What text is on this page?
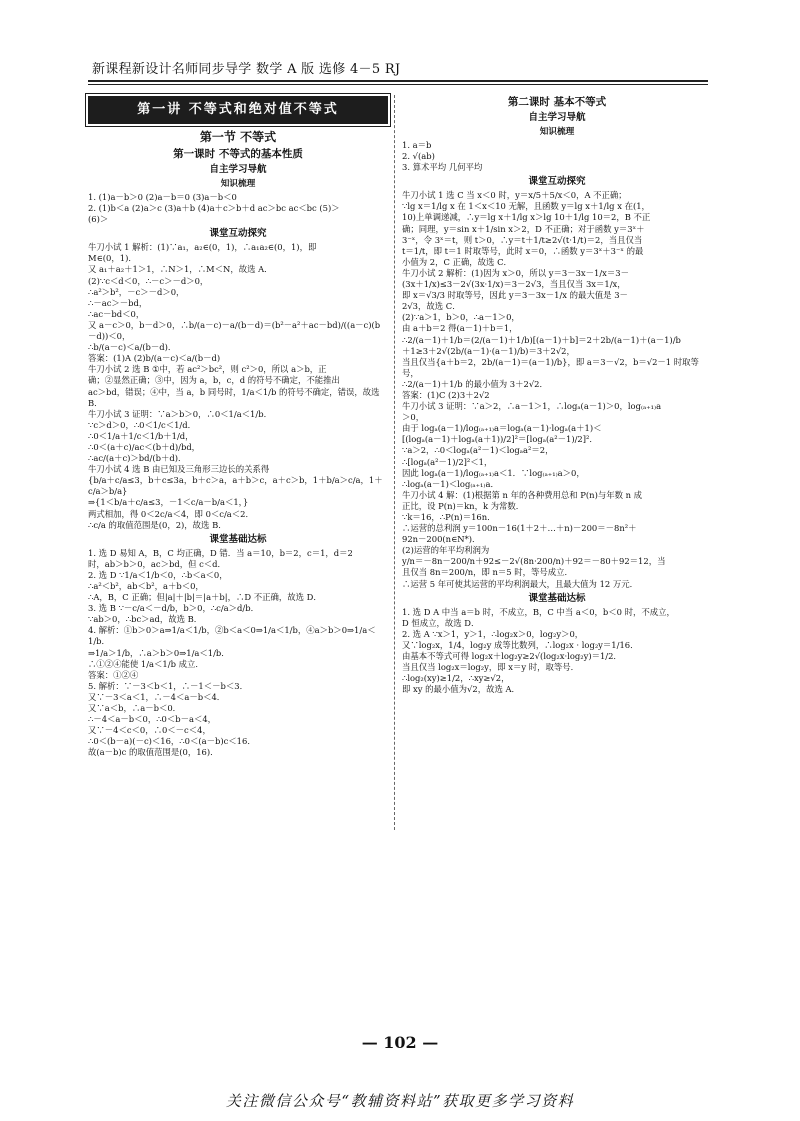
新课程新设计名师同步导学 数学 A 版 选修 4－5 RJ
第一讲 不等式和绝对值不等式
第一节 不等式
第一课时 不等式的基本性质
自主学习导航
知识梳理
1. (1)a－b＞0 (2)a－b＝0 (3)a－b＜0
2. (1)b＜a (2)a＞c (3)a＋b (4)a＋c＞b＋d ac＞bc ac＜bc (5)＞
(6)＞
课堂互动探究
牛刀小试 1 解析：(1)∵a₁，a₂∈(0，1)，∴a₁a₂∈(0，1)，即
M∈(0，1)．
又 a₁＋a₂＋1＞1，∴N＞1，∴M＜N，故选 A．
(2)∵c＜d＜0，∴－c＞－d＞0，
∴a²＞b²，－c＞－d＞0，
∴－ac＞－bd，
∴ac－bd＜0，
又 a－c＞0，b－d＞0，∴b/(a－c)－a/(b－d)＝(b²－a²＋ac－bd)/((a－c)(b－d))＜0，
∴b/(a－c)＜a/(b－d)．
答案：(1)A (2)b/(a－c)＜a/(b－d)
牛刀小试 2 选 B ①中，若 ac²＞bc²，则 c²＞0，所以 a＞b，正
确；②显然正确；③中，因为 a，b，c，d 的符号不确定，不能推出
ac＞bd，错误；④中，当 a，b 同号时，1/a＜1/b 的符号不确定，错误，故选 B．
牛刀小试 3 证明：∵a＞b＞0，∴0＜1/a＜1/b．
∵c＞d＞0，∴0＜1/c＜1/d．
∴0＜1/a＋1/c＜1/b＋1/d，
∴0＜(a＋c)/ac＜(b＋d)/bd，
∴ac/(a＋c)＞bd/(b＋d)．
牛刀小试 4 选 B 由已知及三角形三边长的关系得
{b/a＋c/a≤3，b＋c≤3a，b＋c＞a，a＋b＞c，a＋c＞b，1＋b/a＞c/a，1＋c/a＞b/a}
⇒{1＜b/a＋c/a≤3，－1＜c/a－b/a＜1，}
两式相加，得 0＜2c/a＜4，即 0＜c/a＜2．
∴c/a 的取值范围是(0，2)，故选 B．
课堂基础达标
1. 选 D 易知 A，B，C 均正确，D 错．当 a＝10，b＝2，c＝1，d＝2
时，ab＞b＞0，ac＞bd，但 c＜d．
2. 选 D ∵1/a＜1/b＜0，∴b＜a＜0，
∴a²＜b²，ab＜b²，a＋b＜0，
∴A，B，C 正确；但|a|＋|b|＝|a＋b|，∴D 不正确，故选 D．
3. 选 B ∵－c/a＜－d/b，b＞0，∴c/a＞d/b．
∵ab＞0，∴bc＞ad，故选 B．
4. 解析：①b＞0＞a⇒1/a＜1/b，②b＜a＜0⇒1/a＜1/b，④a＞b＞0⇒1/a＜1/b．
⇒1/a＞1/b，∴a＞b＞0⇒1/a＜1/b．
∴①②④能使 1/a＜1/b 成立．
答案：①②④
5. 解析：∵－3＜b＜1，∴－1＜－b＜3．
又∵－3＜a＜1，∴－4＜a－b＜4．
又∵a＜b，∴a－b＜0．
∴－4＜a－b＜0，∴0＜b－a＜4，
又∵－4＜c＜0，∴0＜－c＜4，
∴0＜(b－a)(－c)＜16，∴0＜(a－b)c＜16．
故(a－b)c 的取值范围是(0，16)．
第二课时 基本不等式
自主学习导航
知识梳理
1. a＝b
2. √(ab)
3. 算术平均 几何平均
课堂互动探究
牛刀小试 1 选 C 当 x＜0 时，y＝x/5＋5/x＜0，A 不正确；
∵lg x＝1/lg x 在 1＜x＜10 无解，且函数 y＝lg x＋1/lg x 在(1，
10)上单调递减，∴y＝lg x＋1/lg x＞lg 10＋1/lg 10＝2，B 不正
确；同理，y＝sin x＋1/sin x＞2，D 不正确；对于函数 y＝3ˣ＋
3⁻ˣ，令 3ˣ＝t，则 t＞0，∴y＝t＋1/t≥2√(t·1/t)＝2，当且仅当
t＝1/t，即 t＝1 时取等号，此时 x＝0，∴函数 y＝3ˣ＋3⁻ˣ 的最
小值为 2，C 正确，故选 C．
牛刀小试 2 解析：(1)因为 x＞0，所以 y＝3－3x－1/x＝3－
(3x＋1/x)≤3－2√(3x·1/x)＝3－2√3，当且仅当 3x＝1/x，
即 x＝√3/3 时取等号，因此 y＝3－3x－1/x 的最大值是 3－
2√3，故选 C．
(2)∵a＞1，b＞0，∴a－1＞0，
由 a＋b＝2 得(a－1)＋b＝1，
∴2/(a－1)＋1/b＝(2/(a－1)＋1/b)[(a－1)＋b]＝2＋2b/(a－1)＋(a－1)/b
＋1≥3＋2√(2b/(a－1)·(a－1)/b)＝3＋2√2，
当且仅当{a＋b＝2，2b/(a－1)＝(a－1)/b}，即 a＝3－√2，b＝√2－1 时取等号，
∴2/(a－1)＋1/b 的最小值为 3＋2√2．
答案：(1)C (2)3＋2√2
牛刀小试 3 证明：∵a＞2，∴a－1＞1，∴logₐ(a－1)＞0，log₍ₐ₊₁₎a
＞0，
由于 logₐ(a－1)/log₍ₐ₊₁₎a＝logₐ(a－1)·logₐ(a＋1)＜
[(logₐ(a－1)＋logₐ(a＋1))/2]²＝[logₐ(a²－1)/2]²．
∵a＞2，∴0＜logₐ(a²－1)＜logₐa²＝2，
∴[logₐ(a²－1)/2]²＜1，
因此 logₐ(a－1)/log₍ₐ₊₁₎a＜1．∵log₍ₐ₊₁₎a＞0，
∴logₐ(a－1)＜log₍ₐ₊₁₎a．
牛刀小试 4 解：(1)根据第 n 年的各种费用总和 P(n)与年数 n 成
正比，设 P(n)＝kn，k 为常数．
∵k＝16，∴P(n)＝16n．
∴运营的总利润 y＝100n－16(1＋2＋…＋n)－200＝－8n²＋
92n－200(n∈N*)．
(2)运营的年平均利润为
y/n＝－8n－200/n＋92≤－2√(8n·200/n)＋92＝－80＋92＝12，当
且仅当 8n＝200/n，即 n＝5 时，等号成立．
∴运营 5 年可使其运营的平均利润最大，且最大值为 12 万元．
课堂基础达标
1. 选 D A 中当 a＝b 时，不成立，B，C 中当 a＜0，b＜0 时，不成立，
D 恒成立，故选 D．
2. 选 A ∵x＞1，y＞1，∴log₂x＞0，log₂y＞0，
又∵log₂x，1/4，log₂y 成等比数列，∴log₂x · log₂y＝1/16．
由基本不等式可得 log₂x＋log₂y≥2√(log₂x·log₂y)＝1/2．
当且仅当 log₂x＝log₂y，即 x＝y 时，取等号．
∴log₂(xy)≥1/2，∴xy≥√2，
即 xy 的最小值为√2，故选 A．
— 102 —
关注微信公众号“教辅资料站”获取更多学习资料
